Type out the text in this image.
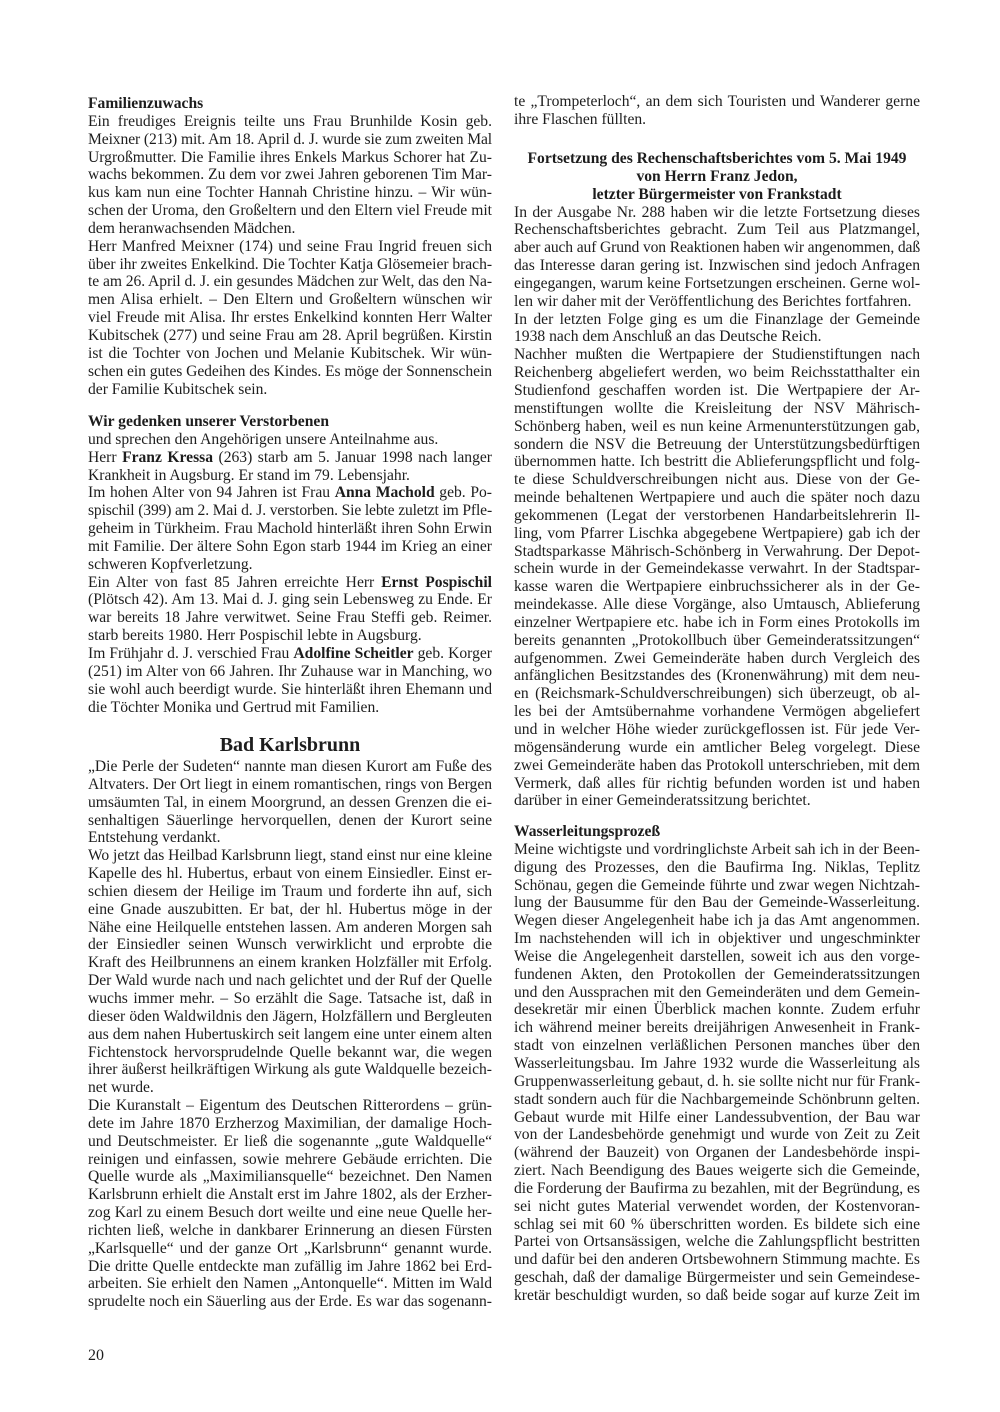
Familienzuwachs
Ein freudiges Ereignis teilte uns Frau Brunhilde Kosin geb.
Meixner (213) mit. Am 18. April d. J. wurde sie zum zweiten Mal
Urgroßmutter. Die Familie ihres Enkels Markus Schorer hat Zu-
wachs bekommen. Zu dem vor zwei Jahren geborenen Tim Mar-
kus kam nun eine Tochter Hannah Christine hinzu. – Wir wün-
schen der Uroma, den Großeltern und den Eltern viel Freude mit
dem heranwachsenden Mädchen.
Herr Manfred Meixner (174) und seine Frau Ingrid freuen sich
über ihr zweites Enkelkind. Die Tochter Katja Glösemeier brach-
te am 26. April d. J. ein gesundes Mädchen zur Welt, das den Na-
men Alisa erhielt. – Den Eltern und Großeltern wünschen wir
viel Freude mit Alisa. Ihr erstes Enkelkind konnten Herr Walter
Kubitschek (277) und seine Frau am 28. April begrüßen. Kirstin
ist die Tochter von Jochen und Melanie Kubitschek. Wir wün-
schen ein gutes Gedeihen des Kindes. Es möge der Sonnenschein
der Familie Kubitschek sein.
Wir gedenken unserer Verstorbenen
und sprechen den Angehörigen unsere Anteilnahme aus.
Herr Franz Kressa (263) starb am 5. Januar 1998 nach langer
Krankheit in Augsburg. Er stand im 79. Lebensjahr.
Im hohen Alter von 94 Jahren ist Frau Anna Machold geb. Po-
spischil (399) am 2. Mai d. J. verstorben. Sie lebte zuletzt im Pfle-
geheim in Türkheim. Frau Machold hinterläßt ihren Sohn Erwin
mit Familie. Der ältere Sohn Egon starb 1944 im Krieg an einer
schweren Kopfverletzung.
Ein Alter von fast 85 Jahren erreichte Herr Ernst Pospischil
(Plötsch 42). Am 13. Mai d. J. ging sein Lebensweg zu Ende. Er
war bereits 18 Jahre verwitwet. Seine Frau Steffi geb. Reimer.
starb bereits 1980. Herr Pospischil lebte in Augsburg.
Im Frühjahr d. J. verschied Frau Adolfine Scheitler geb. Korger
(251) im Alter von 66 Jahren. Ihr Zuhause war in Manching, wo
sie wohl auch beerdigt wurde. Sie hinterläßt ihren Ehemann und
die Töchter Monika und Gertrud mit Familien.
Bad Karlsbrunn
„Die Perle der Sudeten“ nannte man diesen Kurort am Fuße des
Altvaters. Der Ort liegt in einem romantischen, rings von Bergen
umsäumten Tal, in einem Moorgrund, an dessen Grenzen die ei-
senhaltigen Säuerlinge hervorquellen, denen der Kurort seine
Entstehung verdankt.
Wo jetzt das Heilbad Karlsbrunn liegt, stand einst nur eine kleine
Kapelle des hl. Hubertus, erbaut von einem Einsiedler. Einst er-
schien diesem der Heilige im Traum und forderte ihn auf, sich
eine Gnade auszubitten. Er bat, der hl. Hubertus möge in der
Nähe eine Heilquelle entstehen lassen. Am anderen Morgen sah
der Einsiedler seinen Wunsch verwirklicht und erprobte die
Kraft des Heilbrunnens an einem kranken Holzfäller mit Erfolg.
Der Wald wurde nach und nach gelichtet und der Ruf der Quelle
wuchs immer mehr. – So erzählt die Sage. Tatsache ist, daß in
dieser öden Waldwildnis den Jägern, Holzfällern und Bergleuten
aus dem nahen Hubertuskirch seit langem eine unter einem alten
Fichtenstock hervorsprudelnde Quelle bekannt war, die wegen
ihrer äußerst heilkräftigen Wirkung als gute Waldquelle bezeich-
net wurde.
Die Kuranstalt – Eigentum des Deutschen Ritterordens – grün-
dete im Jahre 1870 Erzherzog Maximilian, der damalige Hoch-
und Deutschmeister. Er ließ die sogenannte „gute Waldquelle“
reinigen und einfassen, sowie mehrere Gebäude errichten. Die
Quelle wurde als „Maximiliansquelle“ bezeichnet. Den Namen
Karlsbrunn erhielt die Anstalt erst im Jahre 1802, als der Erzher-
zog Karl zu einem Besuch dort weilte und eine neue Quelle her-
richten ließ, welche in dankbarer Erinnerung an diesen Fürsten
„Karlsquelle“ und der ganze Ort „Karlsbrunn“ genannt wurde.
Die dritte Quelle entdeckte man zufällig im Jahre 1862 bei Erd-
arbeiten. Sie erhielt den Namen „Antonquelle“. Mitten im Wald
sprudelte noch ein Säuerling aus der Erde. Es war das sogenann-
te „Trompeterloch“, an dem sich Touristen und Wanderer gerne
ihre Flaschen füllten.
Fortsetzung des Rechenschaftsberichtes vom 5. Mai 1949
von Herrn Franz Jedon,
letzter Bürgermeister von Frankstadt
In der Ausgabe Nr. 288 haben wir die letzte Fortsetzung dieses
Rechenschaftsberichtes gebracht. Zum Teil aus Platzmangel,
aber auch auf Grund von Reaktionen haben wir angenommen, daß
das Interesse daran gering ist. Inzwischen sind jedoch Anfragen
eingegangen, warum keine Fortsetzungen erscheinen. Gerne wol-
len wir daher mit der Veröffentlichung des Berichtes fortfahren.
In der letzten Folge ging es um die Finanzlage der Gemeinde
1938 nach dem Anschluß an das Deutsche Reich.
Nachher mußten die Wertpapiere der Studienstiftungen nach
Reichenberg abgeliefert werden, wo beim Reichsstatthalter ein
Studienfond geschaffen worden ist. Die Wertpapiere der Ar-
menstiftungen wollte die Kreisleitung der NSV Mährisch-
Schönberg haben, weil es nun keine Armenunterstützungen gab,
sondern die NSV die Betreuung der Unterstützungsbedürftigen
übernommen hatte. Ich bestritt die Ablieferungspflicht und folg-
te diese Schuldverschreibungen nicht aus. Diese von der Ge-
meinde behaltenen Wertpapiere und auch die später noch dazu
gekommenen (Legat der verstorbenen Handarbeitslehrerin Il-
ling, vom Pfarrer Lischka abgegebene Wertpapiere) gab ich der
Stadtsparkasse Mährisch-Schönberg in Verwahrung. Der Depot-
schein wurde in der Gemeindekasse verwahrt. In der Stadtspar-
kasse waren die Wertpapiere einbruchssicherer als in der Ge-
meindekasse. Alle diese Vorgänge, also Umtausch, Ablieferung
einzelner Wertpapiere etc. habe ich in Form eines Protokolls im
bereits genannten „Protokollbuch über Gemeinderatssitzungen“
aufgenommen. Zwei Gemeinderäte haben durch Vergleich des
anfänglichen Besitzstandes des (Kronenwährung) mit dem neu-
en (Reichsmark-Schuldverschreibungen) sich überzeugt, ob al-
les bei der Amtsübernahme vorhandene Vermögen abgeliefert
und in welcher Höhe wieder zurückgeflossen ist. Für jede Ver-
mögensänderung wurde ein amtlicher Beleg vorgelegt. Diese
zwei Gemeinderäte haben das Protokoll unterschrieben, mit dem
Vermerk, daß alles für richtig befunden worden ist und haben
darüber in einer Gemeinderatssitzung berichtet.
Wasserleitungsprozeß
Meine wichtigste und vordringlichste Arbeit sah ich in der Been-
digung des Prozesses, den die Baufirma Ing. Niklas, Teplitz
Schönau, gegen die Gemeinde führte und zwar wegen Nichtzah-
lung der Bausumme für den Bau der Gemeinde-Wasserleitung.
Wegen dieser Angelegenheit habe ich ja das Amt angenommen.
Im nachstehenden will ich in objektiver und ungeschminkter
Weise die Angelegenheit darstellen, soweit ich aus den vorge-
fundenen Akten, den Protokollen der Gemeinderatssitzungen
und den Aussprachen mit den Gemeinderäten und dem Gemein-
desekretär mir einen Überblick machen konnte. Zudem erfuhr
ich während meiner bereits dreijährigen Anwesenheit in Frank-
stadt von einzelnen verläßlichen Personen manches über den
Wasserleitungsbau. Im Jahre 1932 wurde die Wasserleitung als
Gruppenwasserleitung gebaut, d. h. sie sollte nicht nur für Frank-
stadt sondern auch für die Nachbargemeinde Schönbrunn gelten.
Gebaut wurde mit Hilfe einer Landessubvention, der Bau war
von der Landesbehörde genehmigt und wurde von Zeit zu Zeit
(während der Bauzeit) von Organen der Landesbehörde inspi-
ziert. Nach Beendigung des Baues weigerte sich die Gemeinde,
die Forderung der Baufirma zu bezahlen, mit der Begründung, es
sei nicht gutes Material verwendet worden, der Kostenvoran-
schlag sei mit 60 % überschritten worden. Es bildete sich eine
Partei von Ortsansässigen, welche die Zahlungspflicht bestritten
und dafür bei den anderen Ortsbewohnern Stimmung machte. Es
geschah, daß der damalige Bürgermeister und sein Gemeindese-
kretär beschuldigt wurden, so daß beide sogar auf kurze Zeit im
20
